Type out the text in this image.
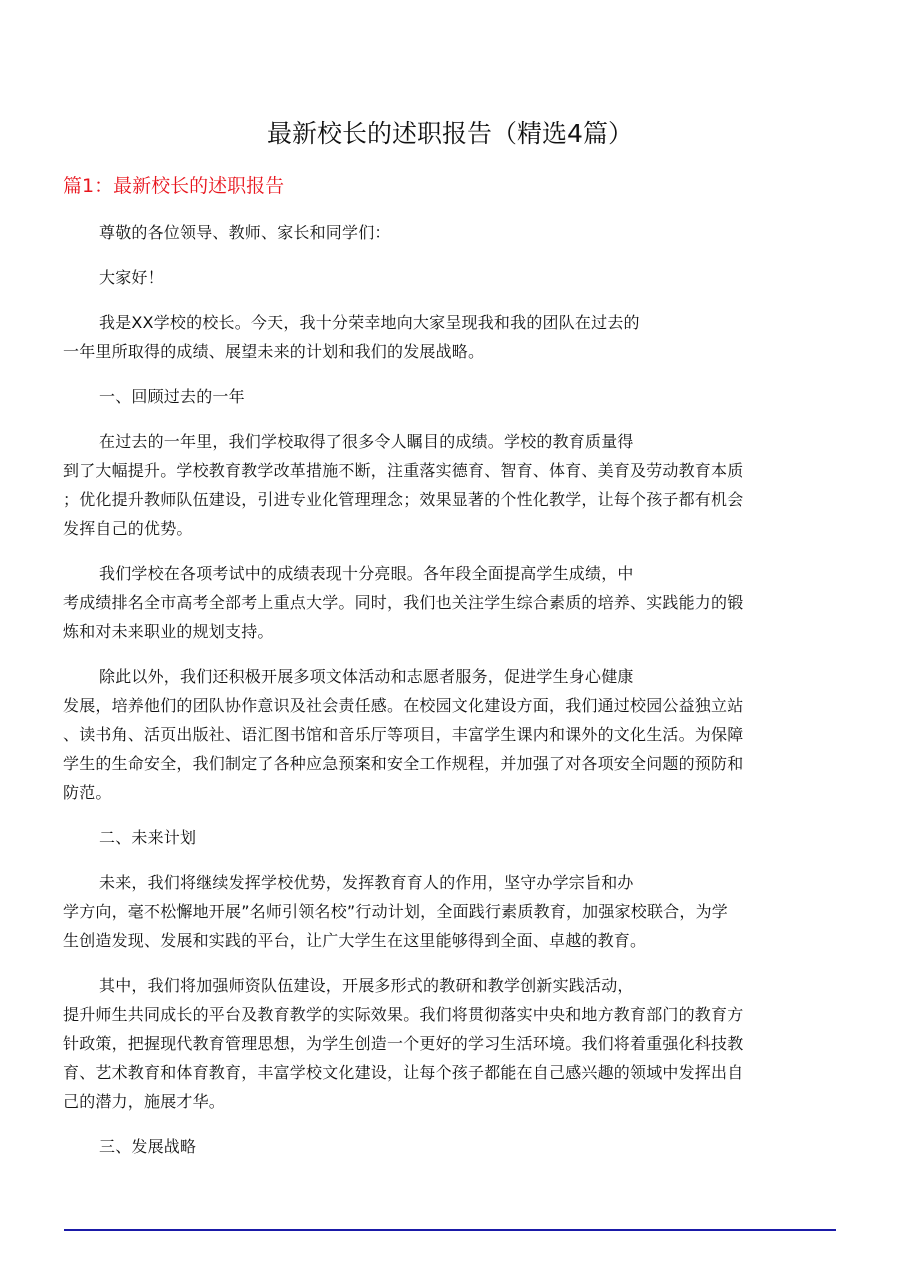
最新校长的述职报告（精选4篇）
篇1：最新校长的述职报告

尊敬的各位领导、教师、家长和同学们：

大家好！

我是XX学校的校长。今天，我十分荣幸地向大家呈现我和我的团队在过去的
一年里所取得的成绩、展望未来的计划和我们的发展战略。

一、回顾过去的一年

在过去的一年里，我们学校取得了很多令人瞩目的成绩。学校的教育质量得
到了大幅提升。学校教育教学改革措施不断，注重落实德育、智育、体育、美育及劳动教育本质
；优化提升教师队伍建设，引进专业化管理理念；效果显著的个性化教学，让每个孩子都有机会
发挥自己的优势。

我们学校在各项考试中的成绩表现十分亮眼。各年段全面提高学生成绩，中
考成绩排名全市高考全部考上重点大学。同时，我们也关注学生综合素质的培养、实践能力的锻
炼和对未来职业的规划支持。

除此以外，我们还积极开展多项文体活动和志愿者服务，促进学生身心健康
发展，培养他们的团队协作意识及社会责任感。在校园文化建设方面，我们通过校园公益独立站
、读书角、活页出版社、语汇图书馆和音乐厅等项目，丰富学生课内和课外的文化生活。为保障
学生的生命安全，我们制定了各种应急预案和安全工作规程，并加强了对各项安全问题的预防和
防范。

二、未来计划

未来，我们将继续发挥学校优势，发挥教育育人的作用，坚守办学宗旨和办
学方向，毫不松懈地开展”名师引领名校”行动计划，全面践行素质教育，加强家校联合，为学
生创造发现、发展和实践的平台，让广大学生在这里能够得到全面、卓越的教育。

其中，我们将加强师资队伍建设，开展多形式的教研和教学创新实践活动，
提升师生共同成长的平台及教育教学的实际效果。我们将贯彻落实中央和地方教育部门的教育方
针政策，把握现代教育管理思想，为学生创造一个更好的学习生活环境。我们将着重强化科技教
育、艺术教育和体育教育，丰富学校文化建设，让每个孩子都能在自己感兴趣的领域中发挥出自
己的潜力，施展才华。

三、发展战略
